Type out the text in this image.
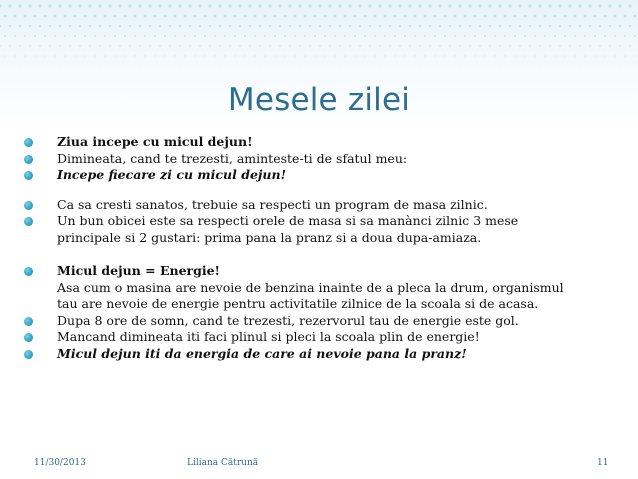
Mesele zilei

Ziua incepe cu micul dejun!

Dimineata, cand te trezesti, aminteste-ti de sfatul meu:

Incepe fiecare zi cu micul dejun!

Ca sa cresti sanatos, trebuie sa respecti un program de masa zilnic.

Un bun obicei este sa respecti orele de masa si sa manànci zilnic 3 mese
principale si 2 gustari: prima pana la pranz si a doua dupa-amiaza.

Micul dejun = Energie!
Asa cum o masina are nevoie de benzina inainte de a pleca la drum, organismul
tau are nevoie de energie pentru activitatile zilnice de la scoala si de acasa.

Dupa 8 ore de somn, cand te trezesti, rezervorul tau de energie este gol.

Mancand dimineata iti faci plinul si pleci la scoala plin de energie!

Micul dejun iti da energia de care ai nevoie pana la pranz!

11/30/2013	Liliana Cătrună	11
